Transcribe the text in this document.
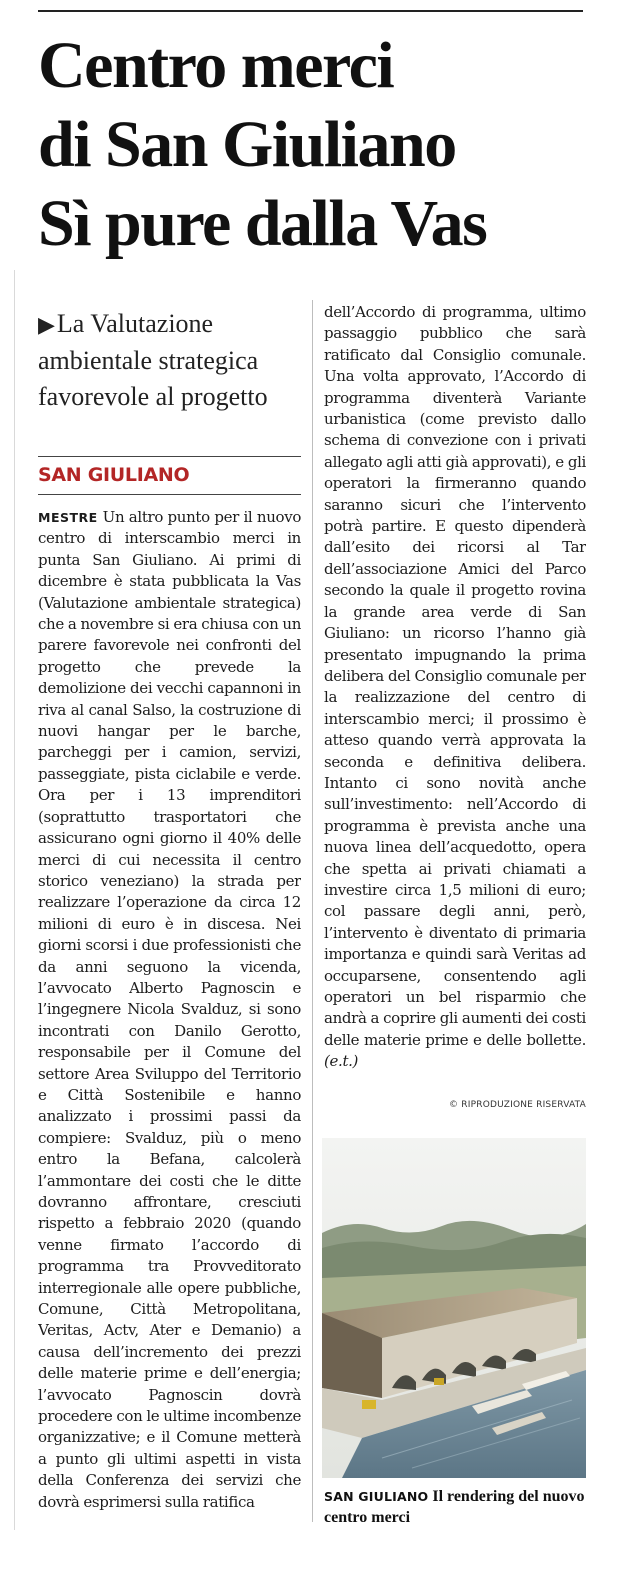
Centro merci
di San Giuliano
Sì pure dalla Vas
▶La Valutazione ambientale strategica favorevole al progetto
SAN GIULIANO
MESTRE Un altro punto per il nuovo centro di interscambio merci in punta San Giuliano. Ai primi di dicembre è stata pubblicata la Vas (Valutazione ambientale strategica) che a novembre si era chiusa con un parere favorevole nei confronti del progetto che prevede la demolizione dei vecchi capannoni in riva al canal Salso, la costruzione di nuovi hangar per le barche, parcheggi per i camion, servizi, passeggiate, pista ciclabile e verde. Ora per i 13 imprenditori (soprattutto trasportatori che assicurano ogni giorno il 40% delle merci di cui necessita il centro storico veneziano) la strada per realizzare l’operazione da circa 12 milioni di euro è in discesa. Nei giorni scorsi i due professionisti che da anni seguono la vicenda, l’avvocato Alberto Pagnoscin e l’ingegnere Nicola Svalduz, si sono incontrati con Danilo Gerotto, responsabile per il Comune del settore Area Sviluppo del Territorio e Città Sostenibile e hanno analizzato i prossimi passi da compiere: Svalduz, più o meno entro la Befana, calcolerà l’ammontare dei costi che le ditte dovranno affrontare, cresciuti rispetto a febbraio 2020 (quando venne firmato l’accordo di programma tra Provveditorato interregionale alle opere pubbliche, Comune, Città Metropolitana, Veritas, Actv, Ater e Demanio) a causa dell’incremento dei prezzi delle materie prime e dell’energia; l’avvocato Pagnoscin dovrà procedere con le ultime incombenze organizzative; e il Comune metterà a punto gli ultimi aspetti in vista della Conferenza dei servizi che dovrà esprimersi sulla ratifica
dell’Accordo di programma, ultimo passaggio pubblico che sarà ratificato dal Consiglio comunale. Una volta approvato, l’Accordo di programma diventerà Variante urbanistica (come previsto dallo schema di convezione con i privati allegato agli atti già approvati), e gli operatori la firmeranno quando saranno sicuri che l’intervento potrà partire. E questo dipenderà dall’esito dei ricorsi al Tar dell’associazione Amici del Parco secondo la quale il progetto rovina la grande area verde di San Giuliano: un ricorso l’hanno già presentato impugnando la prima delibera del Consiglio comunale per la realizzazione del centro di interscambio merci; il prossimo è atteso quando verrà approvata la seconda e definitiva delibera. Intanto ci sono novità anche sull’investimento: nell’Accordo di programma è prevista anche una nuova linea dell’acquedotto, opera che spetta ai privati chiamati a investire circa 1,5 milioni di euro; col passare degli anni, però, l’intervento è diventato di primaria importanza e quindi sarà Veritas ad occuparsene, consentendo agli operatori un bel risparmio che andrà a coprire gli aumenti dei costi delle materie prime e delle bollette. (e.t.)
© RIPRODUZIONE RISERVATA
SAN GIULIANO Il rendering del nuovo centro merci
